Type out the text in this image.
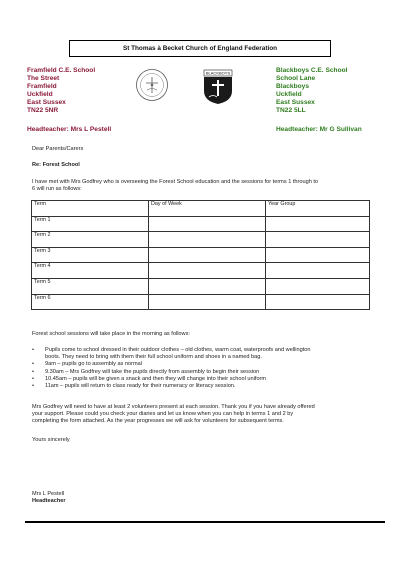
St Thomas à Becket Church of England Federation
Framfield C.E. School
The Street
Framfield
Uckfield
East Sussex
TN22 5NR
BLACKBOYS	Blackboys C.E. School
School Lane
Blackboys
Uckfield
East Sussex
TN22 5LL
Headteacher: Mrs L Pestell	Headteacher: Mr G Sullivan
Dear Parents/Carers
Re: Forest School
I have met with Mrs Godfrey who is overseeing the Forest School education and the sessions for terms 1 through to
6 will run as follows:
Term	Day of Week	Year Group
Term 1		
Term 2		
Term 3		
Term 4		
Term 5		
Term 6		
Forest school sessions will take place in the morning as follows:
• Pupils come to school dressed in their outdoor clothes – old clothes, warm coat, waterproofs and wellington
boots. They need to bring with them their full school uniform and shoes in a named bag.
• 9am – pupils go to assembly as normal
• 9.30am – Mrs Godfrey will take the pupils directly from assembly to begin their session
• 10.45am – pupils will be given a snack and then they will change into their school uniform
• 11am – pupils will return to class ready for their numeracy or literacy session.
Mrs Godfrey will need to have at least 2 volunteers present at each session. Thank you if you have already offered
your support. Please could you check your diaries and let us know when you can help in terms 1 and 2 by
completing the form attached. As the year progresses we will ask for volunteers for subsequent terms.
Yours sincerely
Mrs L Pestell
Headteacher
